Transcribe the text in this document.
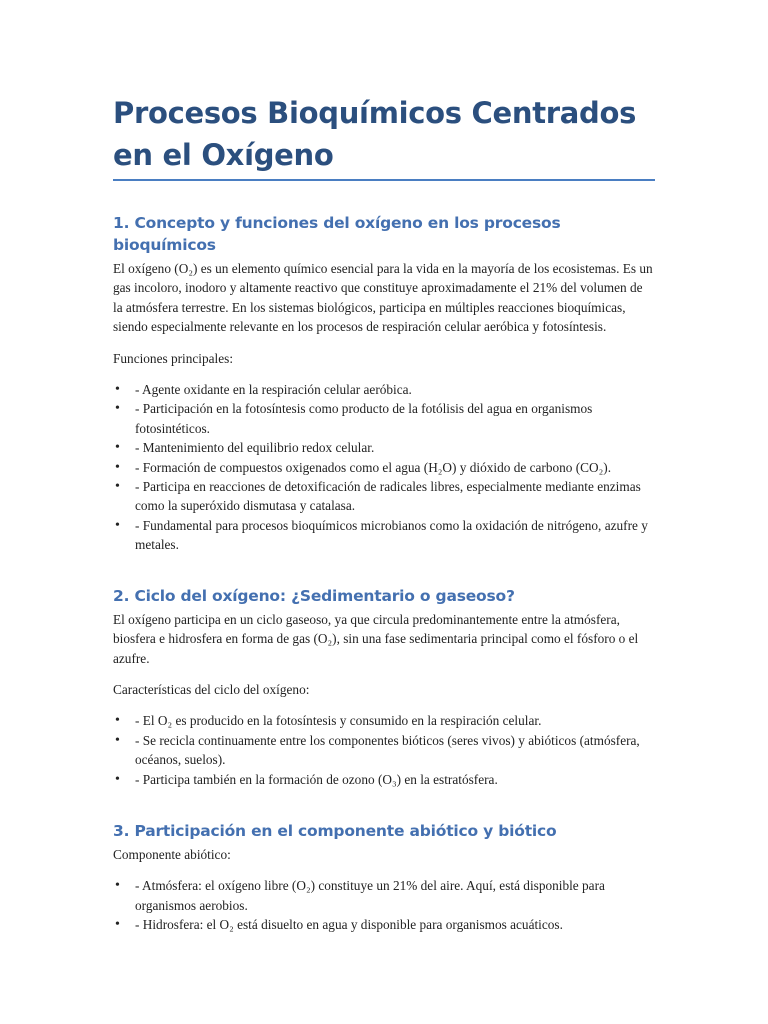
Procesos Bioquímicos Centrados en el Oxígeno
1. Concepto y funciones del oxígeno en los procesos bioquímicos

El oxígeno (O₂) es un elemento químico esencial para la vida en la mayoría de los ecosistemas. Es un gas incoloro, inodoro y altamente reactivo que constituye aproximadamente el 21% del volumen de la atmósfera terrestre. En los sistemas biológicos, participa en múltiples reacciones bioquímicas, siendo especialmente relevante en los procesos de respiración celular aeróbica y fotosíntesis.

Funciones principales:

• - Agente oxidante en la respiración celular aeróbica.
• - Participación en la fotosíntesis como producto de la fotólisis del agua en organismos fotosintéticos.
• - Mantenimiento del equilibrio redox celular.
• - Formación de compuestos oxigenados como el agua (H₂O) y dióxido de carbono (CO₂).
• - Participa en reacciones de detoxificación de radicales libres, especialmente mediante enzimas como la superóxido dismutasa y catalasa.
• - Fundamental para procesos bioquímicos microbianos como la oxidación de nitrógeno, azufre y metales.
2. Ciclo del oxígeno: ¿Sedimentario o gaseoso?

El oxígeno participa en un ciclo gaseoso, ya que circula predominantemente entre la atmósfera, biosfera e hidrosfera en forma de gas (O₂), sin una fase sedimentaria principal como el fósforo o el azufre.

Características del ciclo del oxígeno:

• - El O₂ es producido en la fotosíntesis y consumido en la respiración celular.
• - Se recicla continuamente entre los componentes bióticos (seres vivos) y abióticos (atmósfera, océanos, suelos).
• - Participa también en la formación de ozono (O₃) en la estratósfera.
3. Participación en el componente abiótico y biótico

Componente abiótico:

• - Atmósfera: el oxígeno libre (O₂) constituye un 21% del aire. Aquí, está disponible para organismos aerobios.
• - Hidrosfera: el O₂ está disuelto en agua y disponible para organismos acuáticos.
